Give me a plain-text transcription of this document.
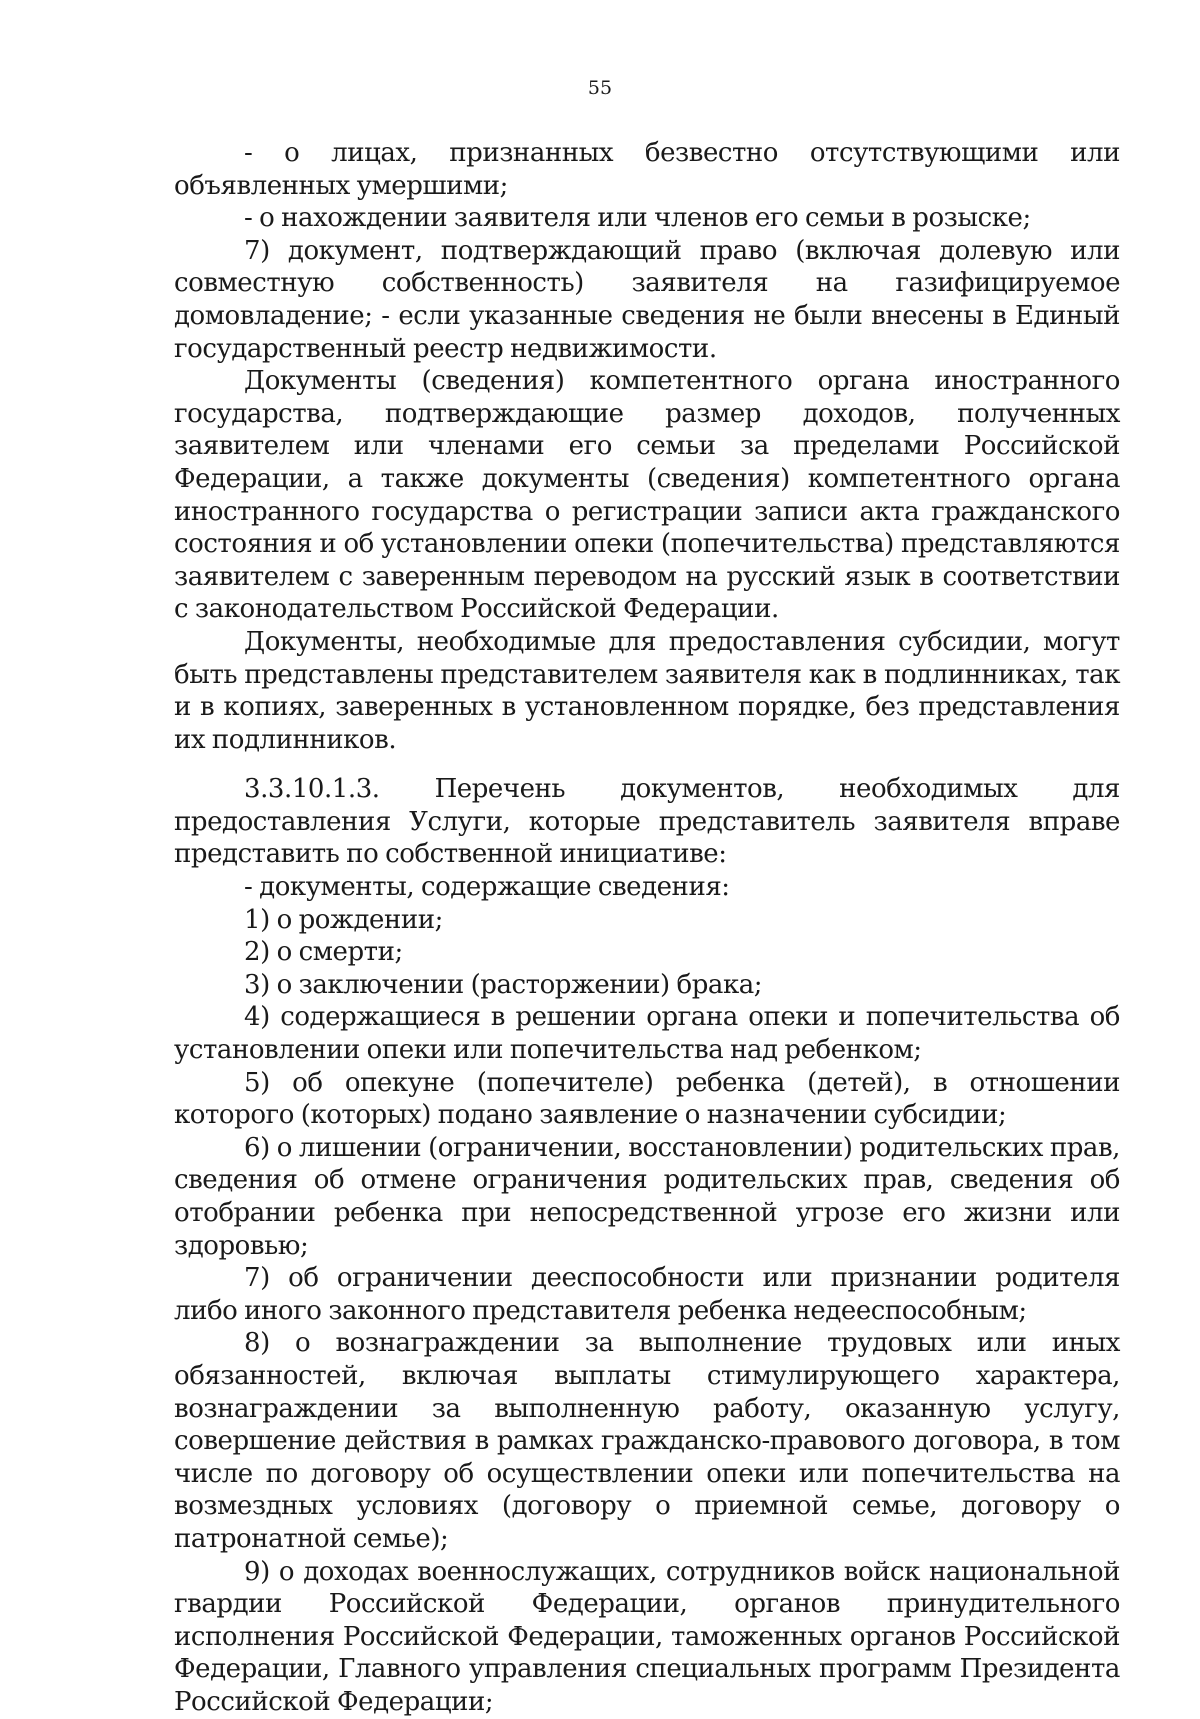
55

- о лицах, признанных безвестно отсутствующими или объявленных умершими;

- о нахождении заявителя или членов его семьи в розыске;

7) документ, подтверждающий право (включая долевую или совместную собственность) заявителя на газифицируемое домовладение; - если указанные сведения не были внесены в Единый государственный реестр недвижимости.

Документы (сведения) компетентного органа иностранного государства, подтверждающие размер доходов, полученных заявителем или членами его семьи за пределами Российской Федерации, а также документы (сведения) компетентного органа иностранного государства о регистрации записи акта гражданского состояния и об установлении опеки (попечительства) представляются заявителем с заверенным переводом на русский язык в соответствии с законодательством Российской Федерации.

Документы, необходимые для предоставления субсидии, могут быть представлены представителем заявителя как в подлинниках, так и в копиях, заверенных в установленном порядке, без представления их подлинников.

3.3.10.1.3. Перечень документов, необходимых для предоставления Услуги, которые представитель заявителя вправе представить по собственной инициативе:

- документы, содержащие сведения:

1) о рождении;

2) о смерти;

3) о заключении (расторжении) брака;

4) содержащиеся в решении органа опеки и попечительства об установлении опеки или попечительства над ребенком;

5) об опекуне (попечителе) ребенка (детей), в отношении которого (которых) подано заявление о назначении субсидии;

6) о лишении (ограничении, восстановлении) родительских прав, сведения об отмене ограничения родительских прав, сведения об отобрании ребенка при непосредственной угрозе его жизни или здоровью;

7) об ограничении дееспособности или признании родителя либо иного законного представителя ребенка недееспособным;

8) о вознаграждении за выполнение трудовых или иных обязанностей, включая выплаты стимулирующего характера, вознаграждении за выполненную работу, оказанную услугу, совершение действия в рамках гражданско-правового договора, в том числе по договору об осуществлении опеки или попечительства на возмездных условиях (договору о приемной семье, договору о патронатной семье);

9) о доходах военнослужащих, сотрудников войск национальной гвардии Российской Федерации, органов принудительного исполнения Российской Федерации, таможенных органов Российской Федерации, Главного управления специальных программ Президента Российской Федерации;
